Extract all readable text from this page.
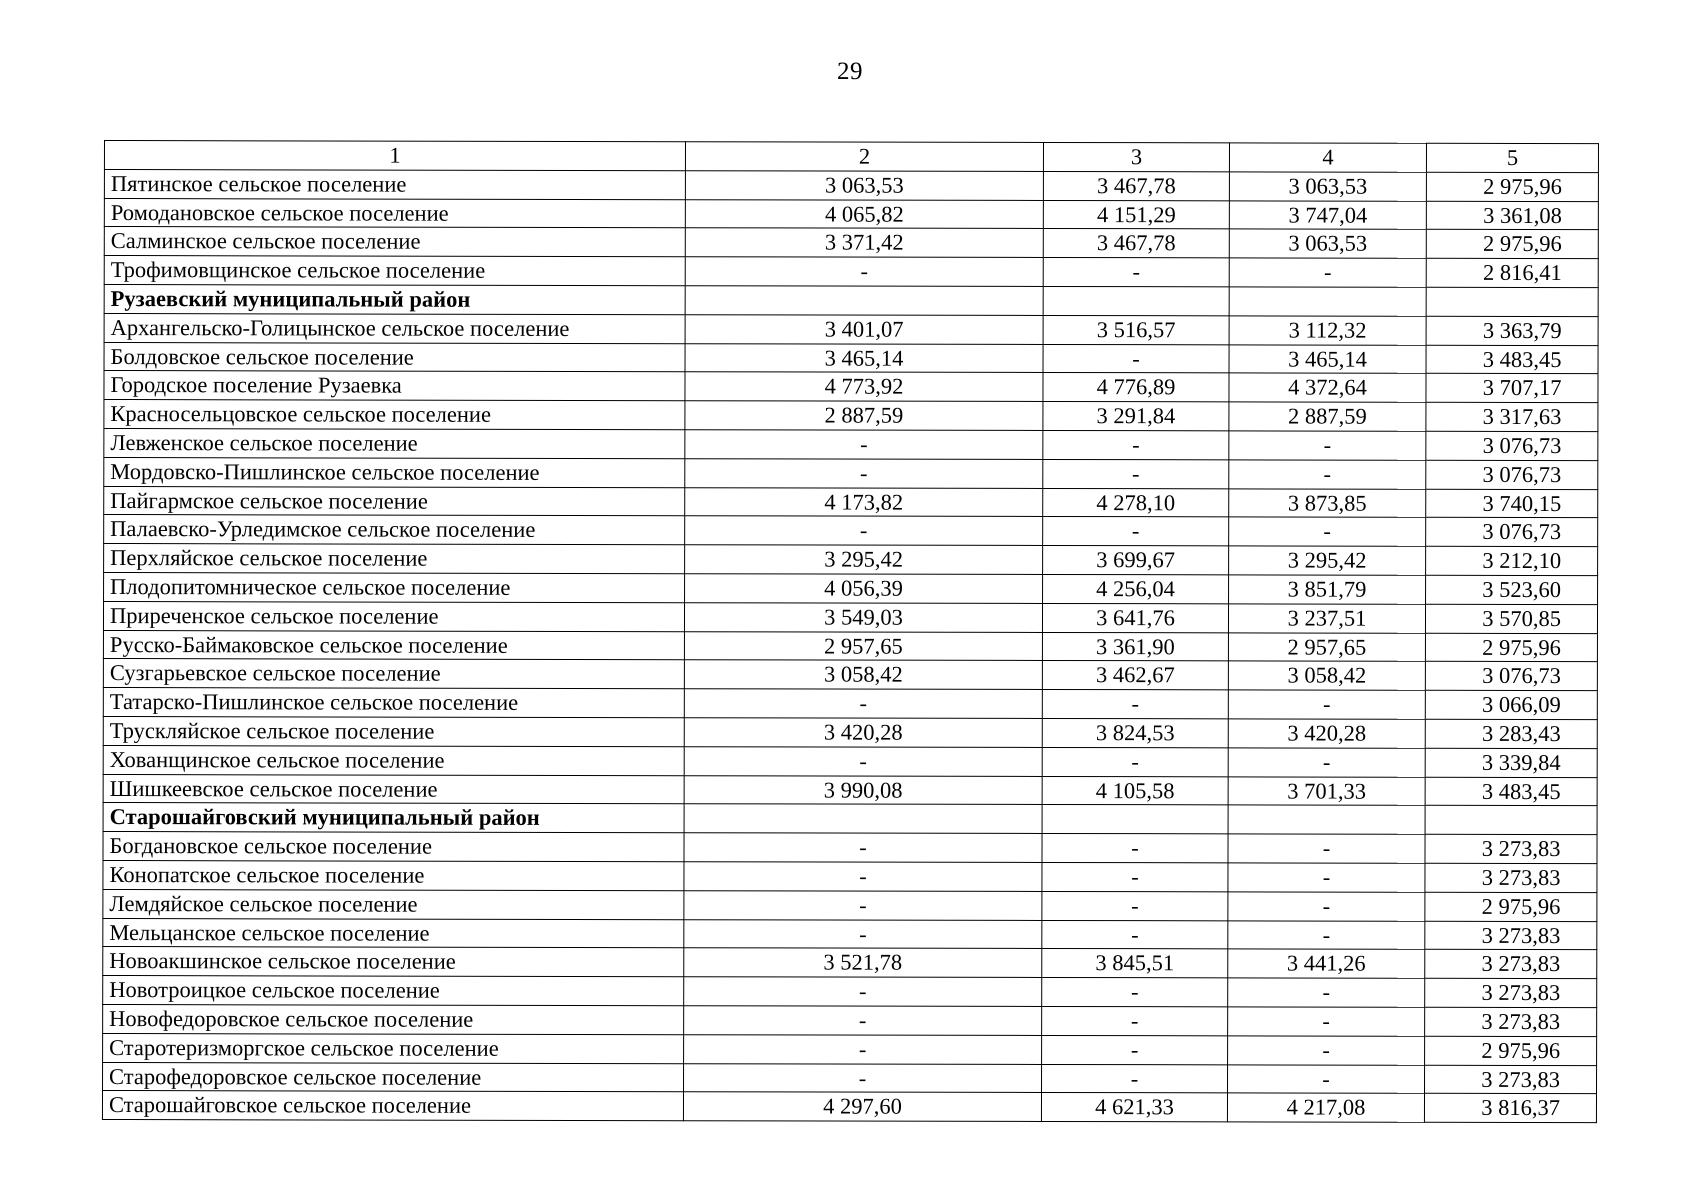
29
1	2	3	4	5
Пятинское сельское поселение	3 063,53	3 467,78	3 063,53	2 975,96
Ромодановское сельское поселение	4 065,82	4 151,29	3 747,04	3 361,08
Салминское сельское поселение	3 371,42	3 467,78	3 063,53	2 975,96
Трофимовщинское сельское поселение	-	-	-	2 816,41
Рузаевский муниципальный район				
Архангельско-Голицынское сельское поселение	3 401,07	3 516,57	3 112,32	3 363,79
Болдовское сельское поселение	3 465,14	-	3 465,14	3 483,45
Городское поселение Рузаевка	4 773,92	4 776,89	4 372,64	3 707,17
Красносельцовское сельское поселение	2 887,59	3 291,84	2 887,59	3 317,63
Левженское сельское поселение	-	-	-	3 076,73
Мордовско-Пишлинское сельское поселение	-	-	-	3 076,73
Пайгармское сельское поселение	4 173,82	4 278,10	3 873,85	3 740,15
Палаевско-Урледимское сельское поселение	-	-	-	3 076,73
Перхляйское сельское поселение	3 295,42	3 699,67	3 295,42	3 212,10
Плодопитомническое сельское поселение	4 056,39	4 256,04	3 851,79	3 523,60
Приреченское сельское поселение	3 549,03	3 641,76	3 237,51	3 570,85
Русско-Баймаковское сельское поселение	2 957,65	3 361,90	2 957,65	2 975,96
Сузгарьевское сельское поселение	3 058,42	3 462,67	3 058,42	3 076,73
Татарско-Пишлинское сельское поселение	-	-	-	3 066,09
Трускляйское сельское поселение	3 420,28	3 824,53	3 420,28	3 283,43
Хованщинское сельское поселение	-	-	-	3 339,84
Шишкеевское сельское поселение	3 990,08	4 105,58	3 701,33	3 483,45
Старошайговский муниципальный район				
Богдановское сельское поселение	-	-	-	3 273,83
Конопатское сельское поселение	-	-	-	3 273,83
Лемдяйское сельское поселение	-	-	-	2 975,96
Мельцанское сельское поселение	-	-	-	3 273,83
Новоакшинское сельское поселение	3 521,78	3 845,51	3 441,26	3 273,83
Новотроицкое сельское поселение	-	-	-	3 273,83
Новофедоровское сельское поселение	-	-	-	3 273,83
Старотеризморгское сельское поселение	-	-	-	2 975,96
Старофедоровское сельское поселение	-	-	-	3 273,83
Старошайговское сельское поселение	4 297,60	4 621,33	4 217,08	3 816,37
